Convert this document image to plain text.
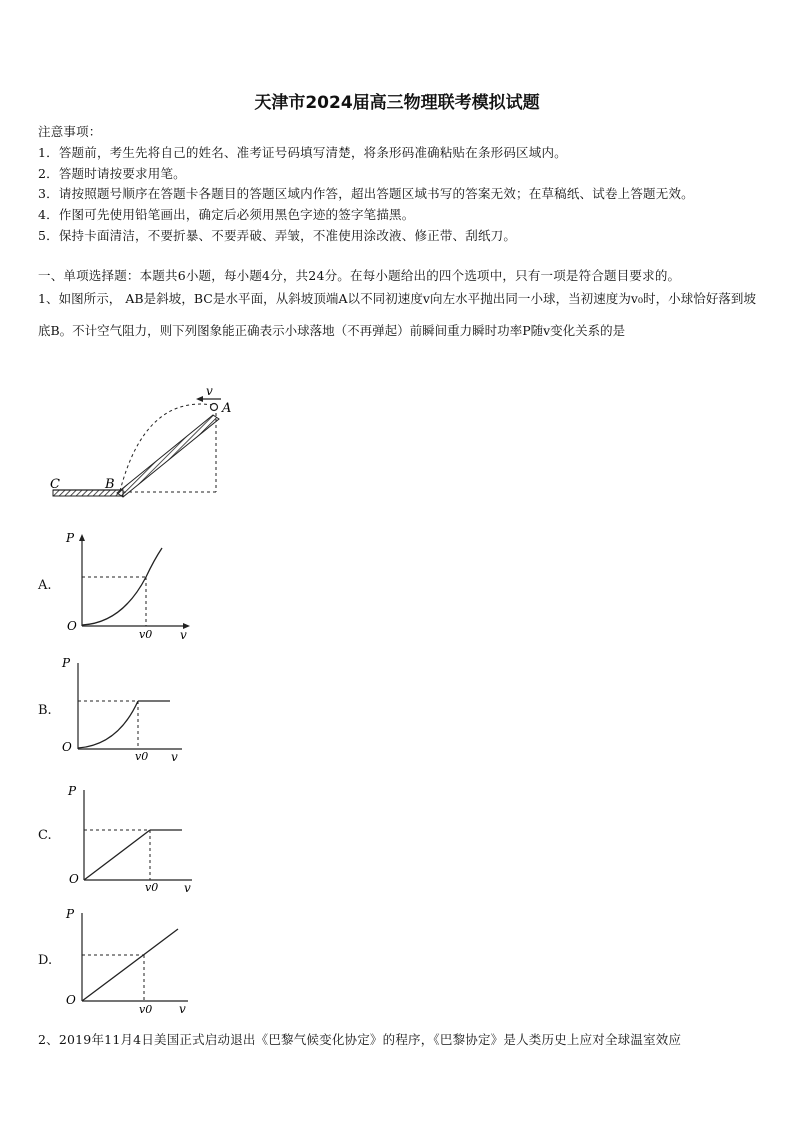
天津市2024届高三物理联考模拟试题
注意事项：
1．答题前，考生先将自己的姓名、准考证号码填写清楚，将条形码准确粘贴在条形码区域内。
2．答题时请按要求用笔。
3．请按照题号顺序在答题卡各题目的答题区域内作答，超出答题区域书写的答案无效；在草稿纸、试卷上答题无效。
4．作图可先使用铅笔画出，确定后必须用黑色字迹的签字笔描黑。
5．保持卡面清洁，不要折暴、不要弄破、弄皱，不准使用涂改液、修正带、刮纸刀。
一、单项选择题：本题共6小题，每小题4分，共24分。在每小题给出的四个选项中，只有一项是符合题目要求的。
1、如图所示， AB是斜坡，BC是水平面，从斜坡顶端A以不同初速度v向左水平抛出同一小球，当初速度为v₀时，小球恰好落到坡底B。不计空气阻力，则下列图象能正确表示小球落地（不再弹起）前瞬间重力瞬时功率P随v变化关系的是
v
A
B
C
A.
P
v
O
v0
B.
P
v
O
v0
C.
P
v
O
v0
D.
P
v
O
v0
2、2019年11月4日美国正式启动退出《巴黎气候变化协定》的程序，《巴黎协定》是人类历史上应对全球温室效应
